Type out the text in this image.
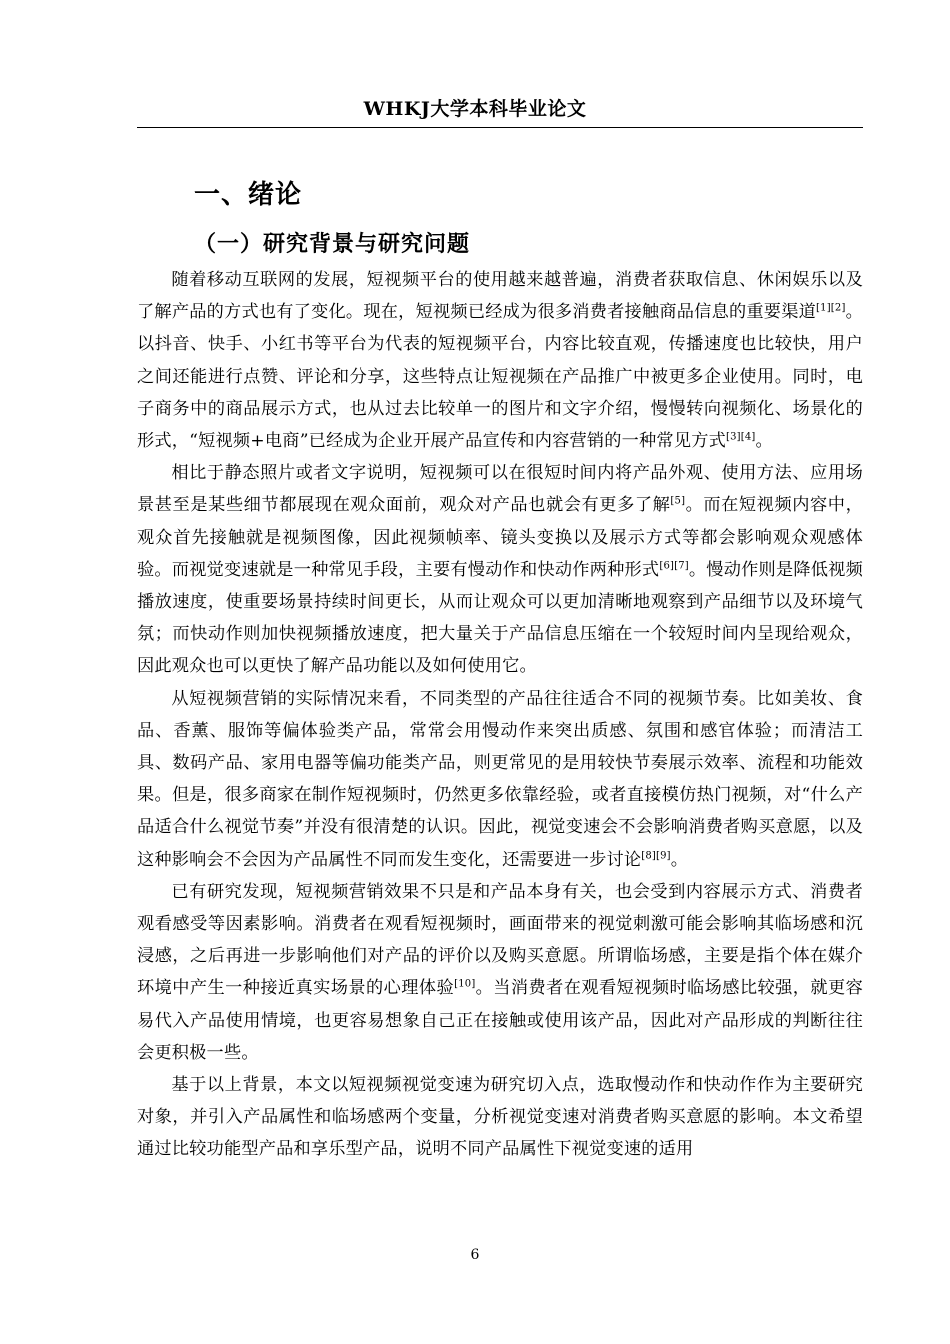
WHKJ大学本科毕业论文
一、绪论
（一）研究背景与研究问题

随着移动互联网的发展，短视频平台的使用越来越普遍，消费者获取信息、休闲娱乐以及了解产品的方式也有了变化。现在，短视频已经成为很多消费者接触商品信息的重要渠道[1][2]。以抖音、快手、小红书等平台为代表的短视频平台，内容比较直观，传播速度也比较快，用户之间还能进行点赞、评论和分享，这些特点让短视频在产品推广中被更多企业使用。同时，电子商务中的商品展示方式，也从过去比较单一的图片和文字介绍，慢慢转向视频化、场景化的形式，“短视频+电商”已经成为企业开展产品宣传和内容营销的一种常见方式[3][4]。

相比于静态照片或者文字说明，短视频可以在很短时间内将产品外观、使用方法、应用场景甚至是某些细节都展现在观众面前，观众对产品也就会有更多了解[5]。而在短视频内容中，观众首先接触就是视频图像，因此视频帧率、镜头变换以及展示方式等都会影响观众观感体验。而视觉变速就是一种常见手段，主要有慢动作和快动作两种形式[6][7]。慢动作则是降低视频播放速度，使重要场景持续时间更长，从而让观众可以更加清晰地观察到产品细节以及环境气氛；而快动作则加快视频播放速度，把大量关于产品信息压缩在一个较短时间内呈现给观众，因此观众也可以更快了解产品功能以及如何使用它。

从短视频营销的实际情况来看，不同类型的产品往往适合不同的视频节奏。比如美妆、食品、香薰、服饰等偏体验类产品，常常会用慢动作来突出质感、氛围和感官体验；而清洁工具、数码产品、家用电器等偏功能类产品，则更常见的是用较快节奏展示效率、流程和功能效果。但是，很多商家在制作短视频时，仍然更多依靠经验，或者直接模仿热门视频，对“什么产品适合什么视觉节奏”并没有很清楚的认识。因此，视觉变速会不会影响消费者购买意愿，以及这种影响会不会因为产品属性不同而发生变化，还需要进一步讨论[8][9]。

已有研究发现，短视频营销效果不只是和产品本身有关，也会受到内容展示方式、消费者观看感受等因素影响。消费者在观看短视频时，画面带来的视觉刺激可能会影响其临场感和沉浸感，之后再进一步影响他们对产品的评价以及购买意愿。所谓临场感，主要是指个体在媒介环境中产生一种接近真实场景的心理体验[10]。当消费者在观看短视频时临场感比较强，就更容易代入产品使用情境，也更容易想象自己正在接触或使用该产品，因此对产品形成的判断往往会更积极一些。

基于以上背景，本文以短视频视觉变速为研究切入点，选取慢动作和快动作作为主要研究对象，并引入产品属性和临场感两个变量，分析视觉变速对消费者购买意愿的影响。本文希望通过比较功能型产品和享乐型产品，说明不同产品属性下视觉变速的适用

6
